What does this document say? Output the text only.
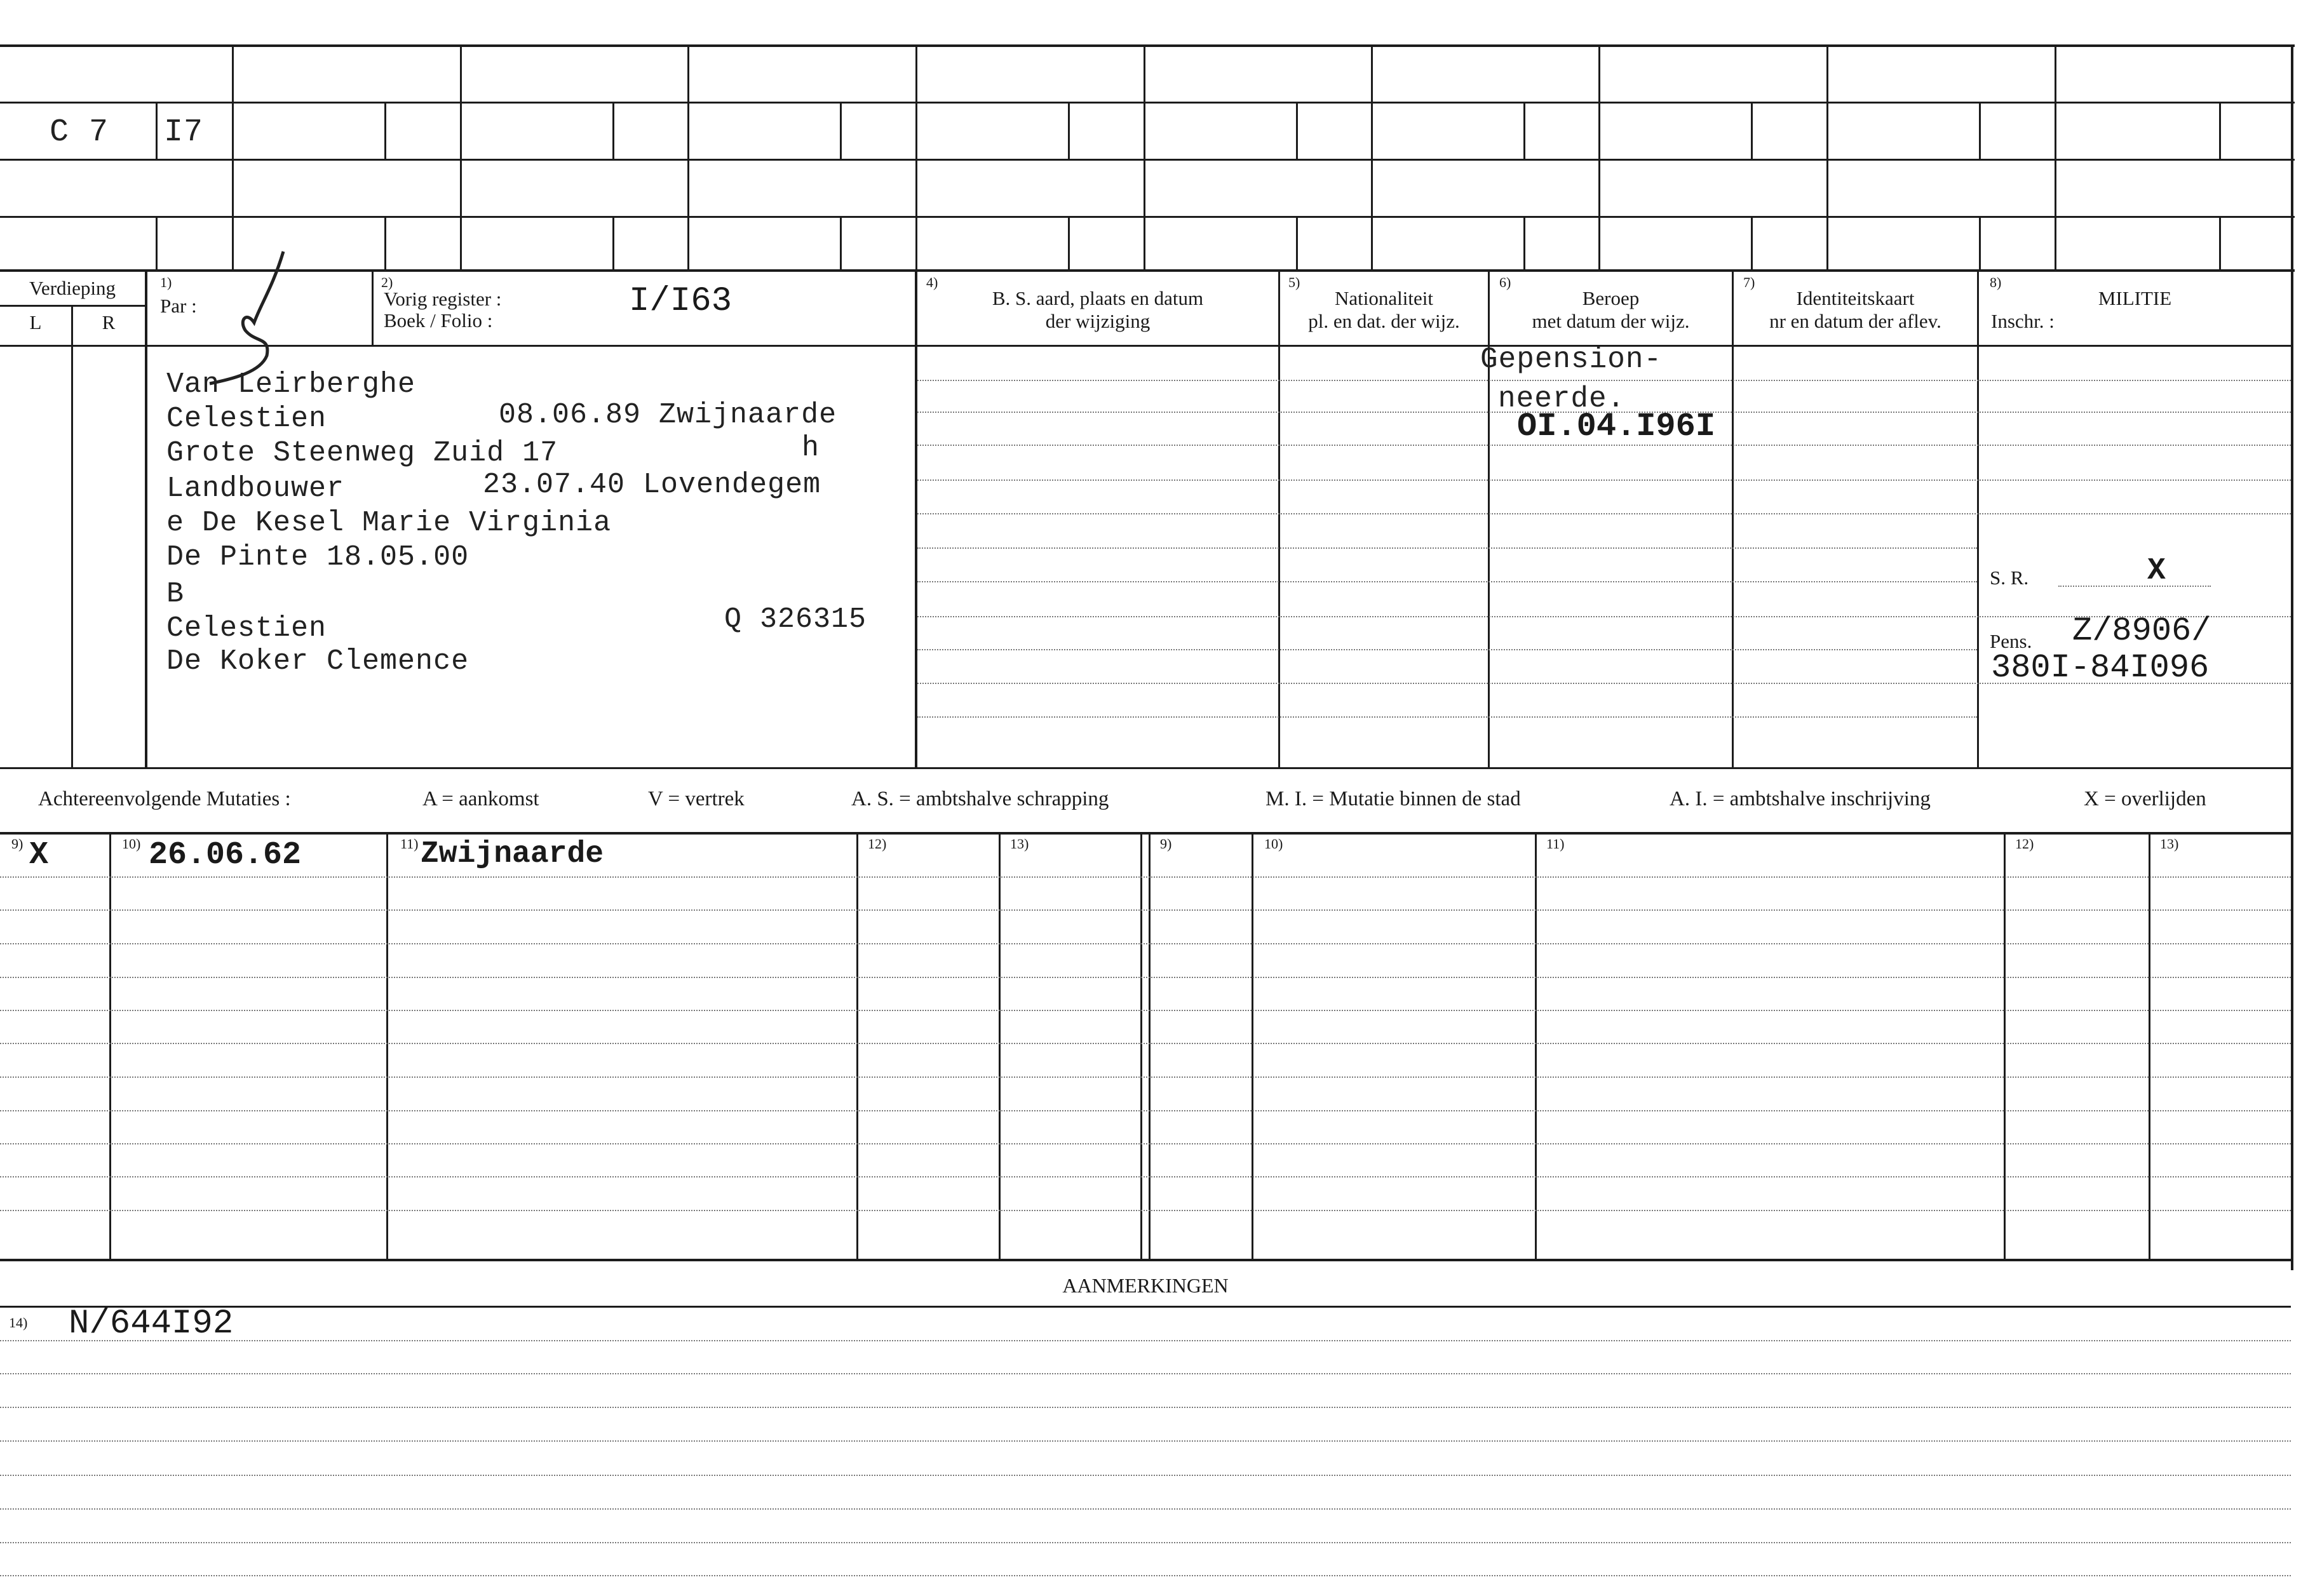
C 7 I7
Verdieping
L	R
1)
Par :
2)
Vorig register :
Boek / Folio :	I/I63	4)
B. S. aard, plaats en datum
der wijziging
5)
Nationaliteit
pl. en dat. der wijz.
6)
Beroep
met datum der wijz.
7)
Identiteitskaart
nr en datum der aflev.
8)
MILITIE
Inschr. :
Van Leirberghe
Celestien	08.06.89 Zwijnaarde
Grote Steenweg Zuid 17	h
Landbouwer	23.07.40 Lovendegem
e De Kesel Marie Virginia
De Pinte 18.05.00
B
Celestien	Q 326315
De Koker Clemence
Gepension-
neerde.
OI.04.I96I
S. R.	X
Pens. Z/8906/
380I-84I096
Achtereenvolgende Mutaties :	A = aankomst	V = vertrek	A. S. = ambtshalve schrapping	M. I. = Mutatie binnen de stad	A. I. = ambtshalve inschrijving	X = overlijden
9)	10)	11)	12)	13)	9)	10)	11)	12)	13)
X	26.06.62	Zwijnaarde
AANMERKINGEN
14) N/644I92
